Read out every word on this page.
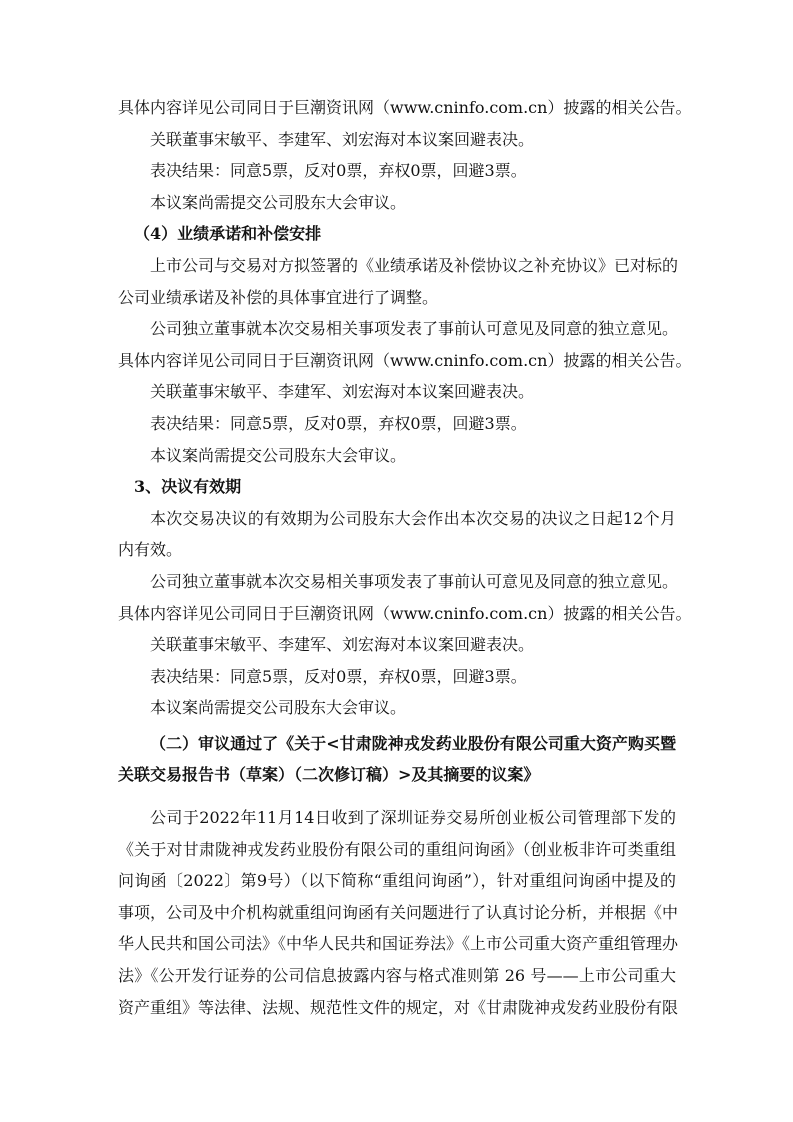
具体内容详见公司同日于巨潮资讯网（www.cninfo.com.cn）披露的相关公告。
关联董事宋敏平、李建军、刘宏海对本议案回避表决。
表决结果：同意5票，反对0票，弃权0票，回避3票。
本议案尚需提交公司股东大会审议。
（4）业绩承诺和补偿安排
上市公司与交易对方拟签署的《业绩承诺及补偿协议之补充协议》已对标的
公司业绩承诺及补偿的具体事宜进行了调整。
公司独立董事就本次交易相关事项发表了事前认可意见及同意的独立意见。
具体内容详见公司同日于巨潮资讯网（www.cninfo.com.cn）披露的相关公告。
关联董事宋敏平、李建军、刘宏海对本议案回避表决。
表决结果：同意5票，反对0票，弃权0票，回避3票。
本议案尚需提交公司股东大会审议。
3、决议有效期
本次交易决议的有效期为公司股东大会作出本次交易的决议之日起12个月
内有效。
公司独立董事就本次交易相关事项发表了事前认可意见及同意的独立意见。
具体内容详见公司同日于巨潮资讯网（www.cninfo.com.cn）披露的相关公告。
关联董事宋敏平、李建军、刘宏海对本议案回避表决。
表决结果：同意5票，反对0票，弃权0票，回避3票。
本议案尚需提交公司股东大会审议。
（二）审议通过了《关于<甘肃陇神戎发药业股份有限公司重大资产购买暨
关联交易报告书（草案）（二次修订稿）>及其摘要的议案》
公司于2022年11月14日收到了深圳证券交易所创业板公司管理部下发的
《关于对甘肃陇神戎发药业股份有限公司的重组问询函》（创业板非许可类重组
问询函〔2022〕第9号）（以下简称“重组问询函”），针对重组问询函中提及的
事项，公司及中介机构就重组问询函有关问题进行了认真讨论分析，并根据《中
华人民共和国公司法》《中华人民共和国证券法》《上市公司重大资产重组管理办
法》《公开发行证券的公司信息披露内容与格式准则第 26 号——上市公司重大
资产重组》等法律、法规、规范性文件的规定，对《甘肃陇神戎发药业股份有限
